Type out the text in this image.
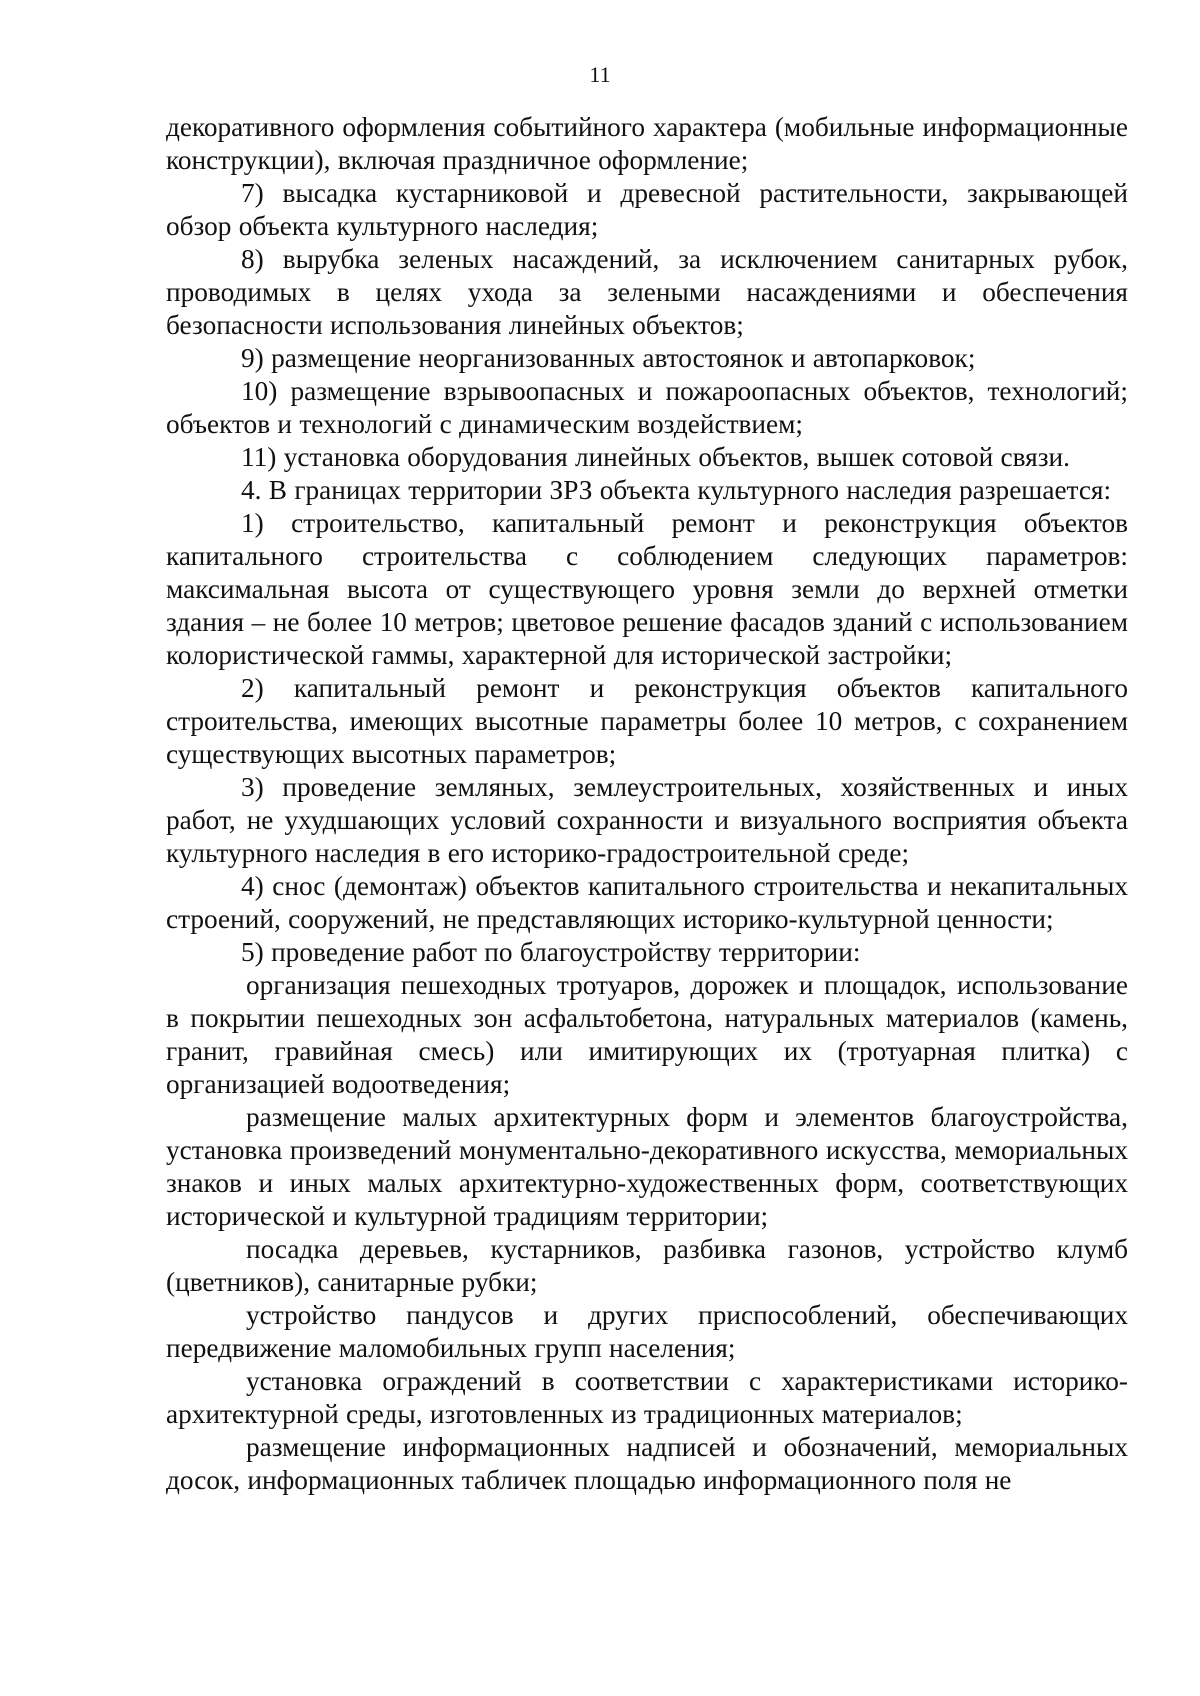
11

декоративного оформления событийного характера (мобильные информационные конструкции), включая праздничное оформление;

7) высадка кустарниковой и древесной растительности, закрывающей обзор объекта культурного наследия;

8) вырубка зеленых насаждений, за исключением санитарных рубок, проводимых в целях ухода за зелеными насаждениями и обеспечения безопасности использования линейных объектов;

9) размещение неорганизованных автостоянок и автопарковок;

10) размещение взрывоопасных и пожароопасных объектов, технологий; объектов и технологий с динамическим воздействием;

11) установка оборудования линейных объектов, вышек сотовой связи.

4. В границах территории ЗРЗ объекта культурного наследия разрешается:

1) строительство, капитальный ремонт и реконструкция объектов капитального строительства с соблюдением следующих параметров: максимальная высота от существующего уровня земли до верхней отметки здания – не более 10 метров; цветовое решение фасадов зданий с использованием колористической гаммы, характерной для исторической застройки;

2) капитальный ремонт и реконструкция объектов капитального строительства, имеющих высотные параметры более 10 метров, с сохранением существующих высотных параметров;

3) проведение земляных, землеустроительных, хозяйственных и иных работ, не ухудшающих условий сохранности и визуального восприятия объекта культурного наследия в его историко-градостроительной среде;

4) снос (демонтаж) объектов капитального строительства и некапитальных строений, сооружений, не представляющих историко-культурной ценности;

5) проведение работ по благоустройству территории:

организация пешеходных тротуаров, дорожек и площадок, использование в покрытии пешеходных зон асфальтобетона, натуральных материалов (камень, гранит, гравийная смесь) или имитирующих их (тротуарная плитка) с организацией водоотведения;

размещение малых архитектурных форм и элементов благоустройства, установка произведений монументально-декоративного искусства, мемориальных знаков и иных малых архитектурно-художественных форм, соответствующих исторической и культурной традициям территории;

посадка деревьев, кустарников, разбивка газонов, устройство клумб (цветников), санитарные рубки;

устройство пандусов и других приспособлений, обеспечивающих передвижение маломобильных групп населения;

установка ограждений в соответствии с характеристиками историко-архитектурной среды, изготовленных из традиционных материалов;

размещение информационных надписей и обозначений, мемориальных досок, информационных табличек площадью информационного поля не
